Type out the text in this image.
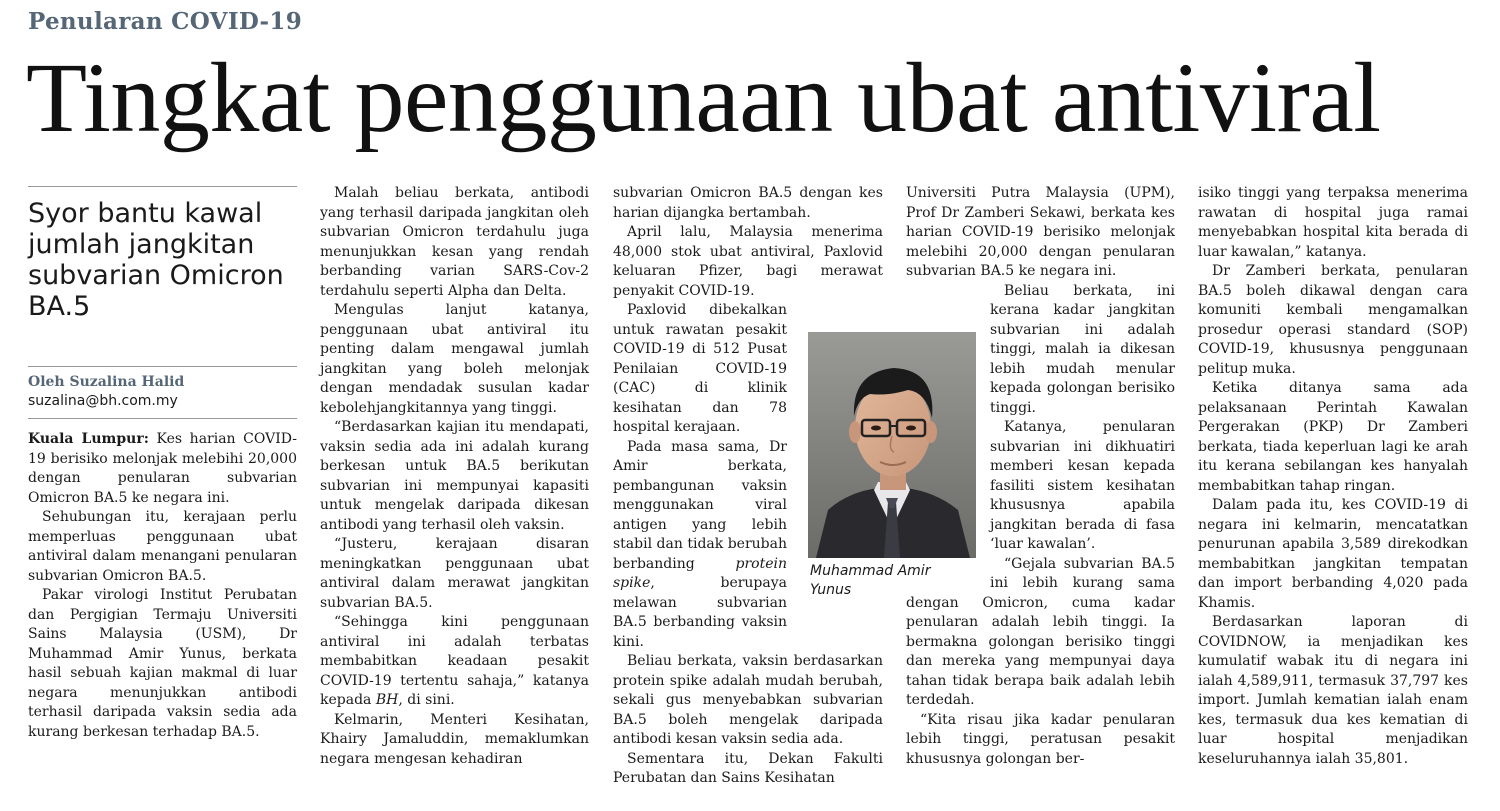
Penularan COVID-19
Tingkat penggunaan ubat antiviral
Syor bantu kawal jumlah jangkitan subvarian Omicron BA.5
Oleh Suzalina Halid
suzalina@bh.com.my

Kuala Lumpur: Kes harian COVID-19 berisiko melonjak melebihi 20,000 dengan penularan subvarian Omicron BA.5 ke negara ini.

Sehubungan itu, kerajaan perlu memperluas penggunaan ubat antiviral dalam menangani penularan subvarian Omicron BA.5.

Pakar virologi Institut Perubatan dan Pergigian Termaju Universiti Sains Malaysia (USM), Dr Muhammad Amir Yunus, berkata hasil sebuah kajian makmal di luar negara menunjukkan antibodi terhasil daripada vaksin sedia ada kurang berkesan terhadap BA.5.

Malah beliau berkata, antibodi yang terhasil daripada jangkitan oleh subvarian Omicron terdahulu juga menunjukkan kesan yang rendah berbanding varian SARS-Cov-2 terdahulu seperti Alpha dan Delta.

Mengulas lanjut katanya, penggunaan ubat antiviral itu penting dalam mengawal jumlah jangkitan yang boleh melonjak dengan mendadak susulan kadar kebolehjangkitannya yang tinggi.

“Berdasarkan kajian itu mendapati, vaksin sedia ada ini adalah kurang berkesan untuk BA.5 berikutan subvarian ini mempunyai kapasiti untuk mengelak daripada dikesan antibodi yang terhasil oleh vaksin.

“Justeru, kerajaan disaran meningkatkan penggunaan ubat antiviral dalam merawat jangkitan subvarian BA.5.

“Sehingga kini penggunaan antiviral ini adalah terbatas membabitkan keadaan pesakit COVID-19 tertentu sahaja,” katanya kepada BH, di sini.

Kelmarin, Menteri Kesihatan, Khairy Jamaluddin, memaklumkan negara mengesan kehadiran

subvarian Omicron BA.5 dengan kes harian dijangka bertambah.

April lalu, Malaysia menerima 48,000 stok ubat antiviral, Paxlovid keluaran Pfizer, bagi merawat penyakit COVID-19.

Paxlovid dibekalkan untuk rawatan pesakit COVID-19 di 512 Pusat Penilaian COVID-19 (CAC) di klinik kesihatan dan 78 hospital kerajaan.

Pada masa sama, Dr Amir berkata, pembangunan vaksin menggunakan viral antigen yang lebih stabil dan tidak berubah berbanding protein spike, berupaya melawan subvarian BA.5 berbanding vaksin kini.

Beliau berkata, vaksin berdasarkan protein spike adalah mudah berubah, sekali gus menyebabkan subvarian BA.5 boleh mengelak daripada antibodi kesan vaksin sedia ada.

Sementara itu, Dekan Fakulti Perubatan dan Sains Kesihatan

Universiti Putra Malaysia (UPM), Prof Dr Zamberi Sekawi, berkata kes harian COVID-19 berisiko melonjak melebihi 20,000 dengan penularan subvarian BA.5 ke negara ini.

Beliau berkata, ini kerana kadar jangkitan subvarian ini adalah tinggi, malah ia dikesan lebih mudah menular kepada golongan berisiko tinggi.

Katanya, penularan subvarian ini dikhuatiri memberi kesan kepada fasiliti sistem kesihatan khususnya apabila jangkitan berada di fasa ‘luar kawalan’.

“Gejala subvarian BA.5 ini lebih kurang sama dengan Omicron, cuma kadar penularan adalah lebih tinggi. Ia bermakna golongan berisiko tinggi dan mereka yang mempunyai daya tahan tidak berapa baik adalah lebih terdedah.

“Kita risau jika kadar penularan lebih tinggi, peratusan pesakit khususnya golongan ber-

isiko tinggi yang terpaksa menerima rawatan di hospital juga ramai menyebabkan hospital kita berada di luar kawalan,” katanya.

Dr Zamberi berkata, penularan BA.5 boleh dikawal dengan cara komuniti kembali mengamalkan prosedur operasi standard (SOP) COVID-19, khususnya penggunaan pelitup muka.

Ketika ditanya sama ada pelaksanaan Perintah Kawalan Pergerakan (PKP) Dr Zamberi berkata, tiada keperluan lagi ke arah itu kerana sebilangan kes hanyalah membabitkan tahap ringan.

Dalam pada itu, kes COVID-19 di negara ini kelmarin, mencatatkan penurunan apabila 3,589 direkodkan membabitkan jangkitan tempatan dan import berbanding 4,020 pada Khamis.

Berdasarkan laporan di COVIDNOW, ia menjadikan kes kumulatif wabak itu di negara ini ialah 4,589,911, termasuk 37,797 kes import. Jumlah kematian ialah enam kes, termasuk dua kes kematian di luar hospital menjadikan keseluruhannya ialah 35,801.

Muhammad Amir Yunus
